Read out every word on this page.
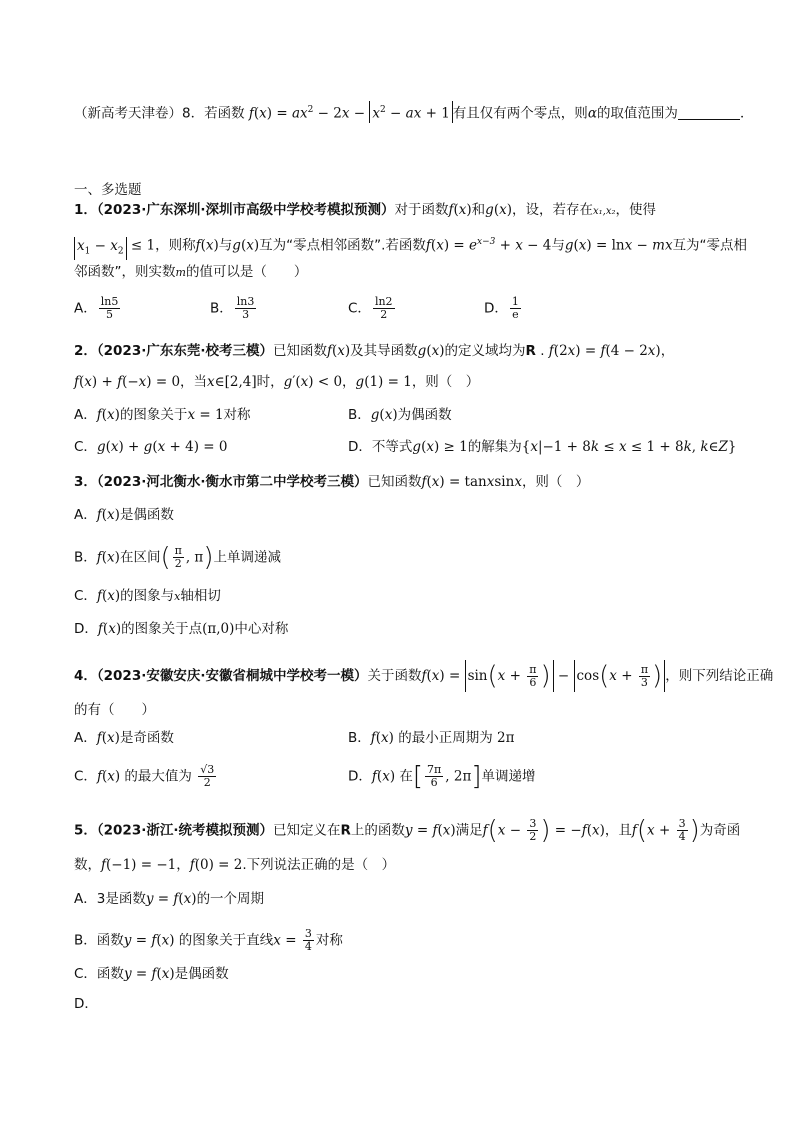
（新高考天津卷）8．若函数 $f(x) = ax^2 - 2x - x^2$ − ax + 1 有且仅有两个零点，则α的取值范围为	．
一、多选题
1．（2023·广东深圳·深圳市高级中学校考模拟预测）对于函数f(x)和g(x)，设，若存在x₁,x₂，使得
$x_1 - x_2 \le 1$，则称f(x)与g(x)互为“零点相邻函数”.若函数$f(x) = e^{x-3} + x - 4$与g(x) = lnx − mx互为“零点相
邻函数”，则实数m的值可以是（　　）
A． $\frac{\ln 5}{5}$	B． $\frac{\ln 3}{3}$	C． $\frac{\ln 2}{2}$	D． $\frac{1}{e}$
2．（2023·广东东莞·校考三模）已知函数f(x)及其导函数g(x)的定义域均为R . f(2x) = f(4 − 2x)，
f(x) + f(−x) = 0，当x∈[2,4]时，g′(x) < 0，g(1) = 1，则（　）
A．f(x)的图象关于x = 1对称	B．g(x)为偶函数
C．g(x) + g(x + 4) = 0	D．不等式g(x) ≥ 1的解集为{x|−1 + 8k ≤ x ≤ 1 + 8k, k∈Z}
3．（2023·河北衡水·衡水市第二中学校考三模）已知函数f(x) = tanxsinx，则（　）
A．f(x)是偶函数
B．f(x)在区间( $\frac{\pi}{2}$ , π)上单调递减
C．f(x)的图象与x轴相切
D．f(x)的图象关于点(π,0)中心对称
4．（2023·安徽安庆·安徽省桐城中学校考一模）关于函数$f(x) = \sin(x + \frac{\pi}{6}$ ) − $\cos(x + \frac{\pi}{3}$ ) ，则下列结论正确
的有（　　）
A．f(x)是奇函数	B．f(x) 的最小正周期为 2π
C．f(x) 的最大值为 $\frac{√3}{2}$	D．f(x) 在[ $\frac{7\pi}{6}$ , 2π]单调递增
5．（2023·浙江·统考模拟预测）已知定义在R上的函数y = f(x)满足$f(x - \frac{3}{2}$ ) = −f(x)，且$f(x + \frac{3}{4}$ )为奇函
数，f(−1) = −1，f(0) = 2.下列说法正确的是（　）
A．3是函数y = f(x)的一个周期
B．函数y = f(x) 的图象关于直线$x = \frac{3}{4}$ 对称
C．函数y = f(x)是偶函数
D．
